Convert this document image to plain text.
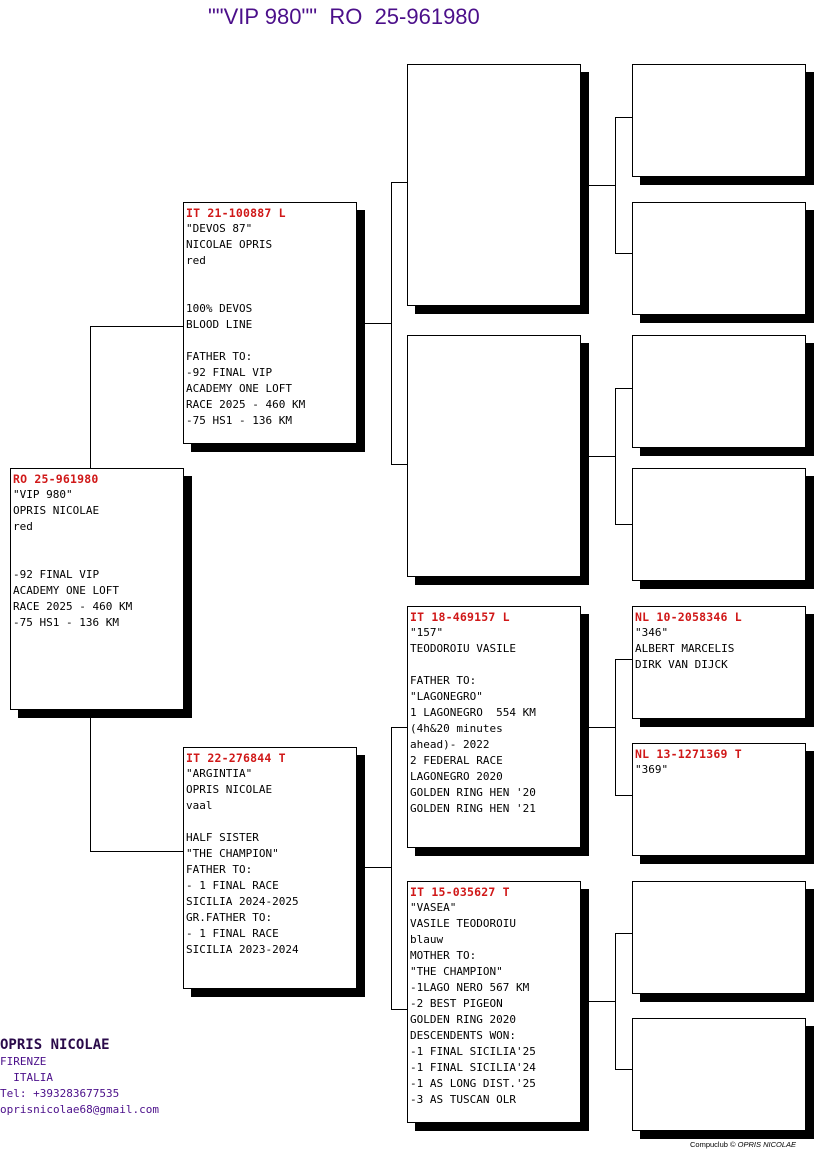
""VIP 980""  RO  25-961980
RO 25-961980
"VIP 980"
OPRIS NICOLAE
red
-92 FINAL VIP
ACADEMY ONE LOFT
RACE 2025 - 460 KM
-75 HS1 - 136 KM
IT 21-100887 L
"DEVOS 87"
NICOLAE OPRIS
red
100% DEVOS
BLOOD LINE
FATHER TO:
-92 FINAL VIP
ACADEMY ONE LOFT
RACE 2025 - 460 KM
-75 HS1 - 136 KM
IT 22-276844 T
"ARGINTIA"
OPRIS NICOLAE
vaal
HALF SISTER
"THE CHAMPION"
FATHER TO:
- 1 FINAL RACE
SICILIA 2024-2025
GR.FATHER TO:
- 1 FINAL RACE
SICILIA 2023-2024
IT 18-469157 L
"157"
TEODOROIU VASILE
FATHER TO:
"LAGONEGRO"
1 LAGONEGRO  554 KM
(4h&20 minutes
ahead)- 2022
2 FEDERAL RACE
LAGONEGRO 2020
GOLDEN RING HEN '20
GOLDEN RING HEN '21
IT 15-035627 T
"VASEA"
VASILE TEODOROIU
blauw
MOTHER TO:
"THE CHAMPION"
-1LAGO NERO 567 KM
-2 BEST PIGEON
GOLDEN RING 2020
DESCENDENTS WON:
-1 FINAL SICILIA'25
-1 FINAL SICILIA'24
-1 AS LONG DIST.'25
-3 AS TUSCAN OLR
NL 10-2058346 L
"346"
ALBERT MARCELIS
DIRK VAN DIJCK
NL 13-1271369 T
"369"
OPRIS NICOLAE
FIRENZE
ITALIA
Tel: +393283677535
oprisnicolae68@gmail.com
Compuclub © OPRIS NICOLAE
